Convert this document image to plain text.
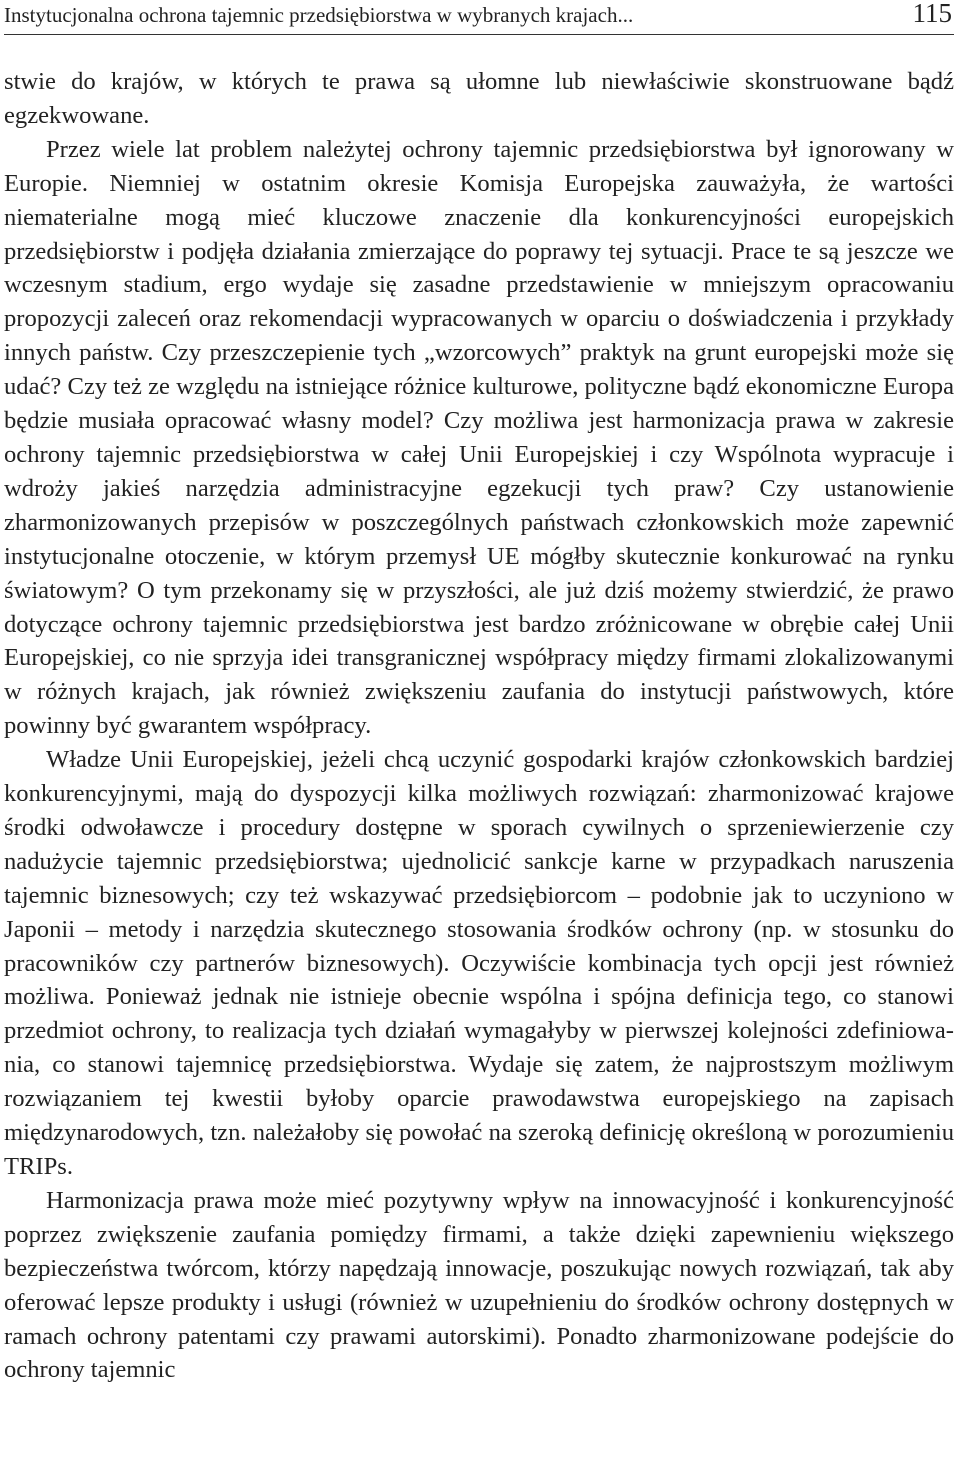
Instytucjonalna ochrona tajemnic przedsiębiorstwa w wybranych krajach...	115

stwie do krajów, w których te prawa są ułomne lub niewłaściwie skonstruowane bądź egzekwowane.

Przez wiele lat problem należytej ochrony tajemnic przedsiębiorstwa był ignorowany w Europie. Niemniej w ostatnim okresie Komisja Europejska zauważyła, że wartości niematerialne mogą mieć kluczowe znaczenie dla konkurencyjności europejskich przedsiębiorstw i podjęła działania zmierzające do poprawy tej sytuacji. Prace te są jeszcze we wczesnym stadium, ergo wydaje się zasadne przedstawienie w mniejszym opracowaniu propozycji zaleceń oraz rekomendacji wypracowanych w oparciu o doświadczenia i przykłady innych państw. Czy przeszczepienie tych „wzorcowych” praktyk na grunt europejski może się udać? Czy też ze względu na istniejące różnice kulturowe, polityczne bądź ekonomiczne Europa będzie musiała opracować własny model? Czy możliwa jest harmonizacja prawa w zakresie ochrony tajemnic przedsiębiorstwa w całej Unii Europejskiej i czy Wspólnota wypracuje i wdroży jakieś narzędzia administracyjne egzekucji tych praw? Czy ustanowienie zharmonizowanych przepisów w poszczególnych państwach członkowskich może zapewnić instytucjonalne otoczenie, w którym przemysł UE mógłby skutecznie konkurować na rynku światowym? O tym przekonamy się w przyszłości, ale już dziś możemy stwierdzić, że prawo dotyczące ochrony tajemnic przedsiębiorstwa jest bardzo zróżnicowane w obrębie całej Unii Europejskiej, co nie sprzyja idei transgranicznej współpracy między firmami zlokalizowanymi w różnych krajach, jak również zwiększeniu zaufania do instytucji państwowych, które powinny być gwarantem współpracy.

Władze Unii Europejskiej, jeżeli chcą uczynić gospodarki krajów członkowskich bardziej konkurencyjnymi, mają do dyspozycji kilka możliwych rozwiązań: zharmonizować krajowe środki odwoławcze i procedury dostępne w sporach cywilnych o sprzeniewierzenie czy nadużycie tajemnic przedsiębiorstwa; ujednolicić sankcje karne w przypadkach naruszenia tajemnic biznesowych; czy też wskazywać przedsiębiorcom – podobnie jak to uczyniono w Japonii – metody i narzędzia skutecznego stosowania środków ochrony (np. w stosunku do pracowników czy partnerów biznesowych). Oczywiście kombinacja tych opcji jest również możliwa. Ponieważ jednak nie istnieje obecnie wspólna i spójna definicja tego, co stanowi przedmiot ochrony, to realizacja tych działań wymagałyby w pierwszej kolejności zdefiniowania, co stanowi tajemnicę przedsiębiorstwa. Wydaje się zatem, że najprostszym możliwym rozwiązaniem tej kwestii byłoby oparcie prawodawstwa europejskiego na zapisach międzynarodowych, tzn. należałoby się powołać na szeroką definicję określoną w porozumieniu TRIPs.

Harmonizacja prawa może mieć pozytywny wpływ na innowacyjność i konkurencyjność poprzez zwiększenie zaufania pomiędzy firmami, a także dzięki zapewnieniu większego bezpieczeństwa twórcom, którzy napędzają innowacje, poszukując nowych rozwiązań, tak aby oferować lepsze produkty i usługi (również w uzupełnieniu do środków ochrony dostępnych w ramach ochrony patentami czy prawami autorskimi). Ponadto zharmonizowane podejście do ochrony tajemnic
